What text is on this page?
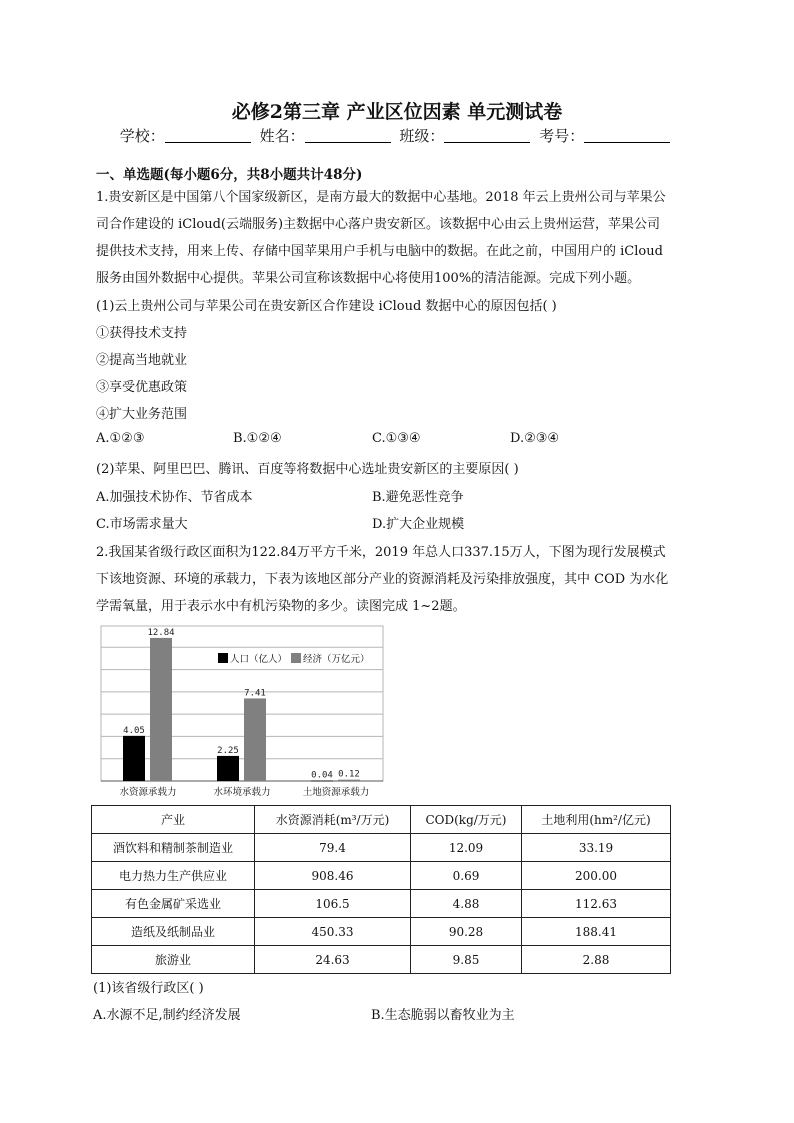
必修2第三章 产业区位因素 单元测试卷
学校：	姓名：	班级：	考号：
一、单选题(每小题6分，共8小题共计48分)
1.贵安新区是中国第八个国家级新区，是南方最大的数据中心基地。2018 年云上贵州公司与苹果公
司合作建设的 iCloud(云端服务)主数据中心落户贵安新区。该数据中心由云上贵州运营，苹果公司
提供技术支持，用来上传、存储中国苹果用户手机与电脑中的数据。在此之前，中国用户的 iCloud
服务由国外数据中心提供。苹果公司宣称该数据中心将使用100%的清洁能源。完成下列小题。
(1)云上贵州公司与苹果公司在贵安新区合作建设 iCloud 数据中心的原因包括( )
①获得技术支持
②提高当地就业
③享受优惠政策
④扩大业务范围
A.①②③	B.①②④	C.①③④	D.②③④
(2)苹果、阿里巴巴、腾讯、百度等将数据中心选址贵安新区的主要原因( )
A.加强技术协作、节省成本	B.避免恶性竞争
C.市场需求量大	D.扩大企业规模
2.我国某省级行政区面积为122.84万平方千米，2019 年总人口337.15万人，下图为现行发展模式
下该地资源、环境的承载力，下表为该地区部分产业的资源消耗及污染排放强度，其中 COD 为水化
学需氧量，用于表示水中有机污染物的多少。读图完成 1~2题。
4.05
12.84
水资源承载力
2.25
7.41
水环境承载力
0.04 0.12
土地资源承载力
人口（亿人） 经济（万亿元）
产业	水资源消耗(m³/万元)	COD(kg/万元)	土地利用(hm²/亿元)
酒饮料和精制茶制造业	79.4	12.09	33.19
电力热力生产供应业	908.46	0.69	200.00
有色金属矿采选业	106.5	4.88	112.63
造纸及纸制品业	450.33	90.28	188.41
旅游业	24.63	9.85	2.88
(1)该省级行政区( )
A.水源不足,制约经济发展	B.生态脆弱以畜牧业为主
